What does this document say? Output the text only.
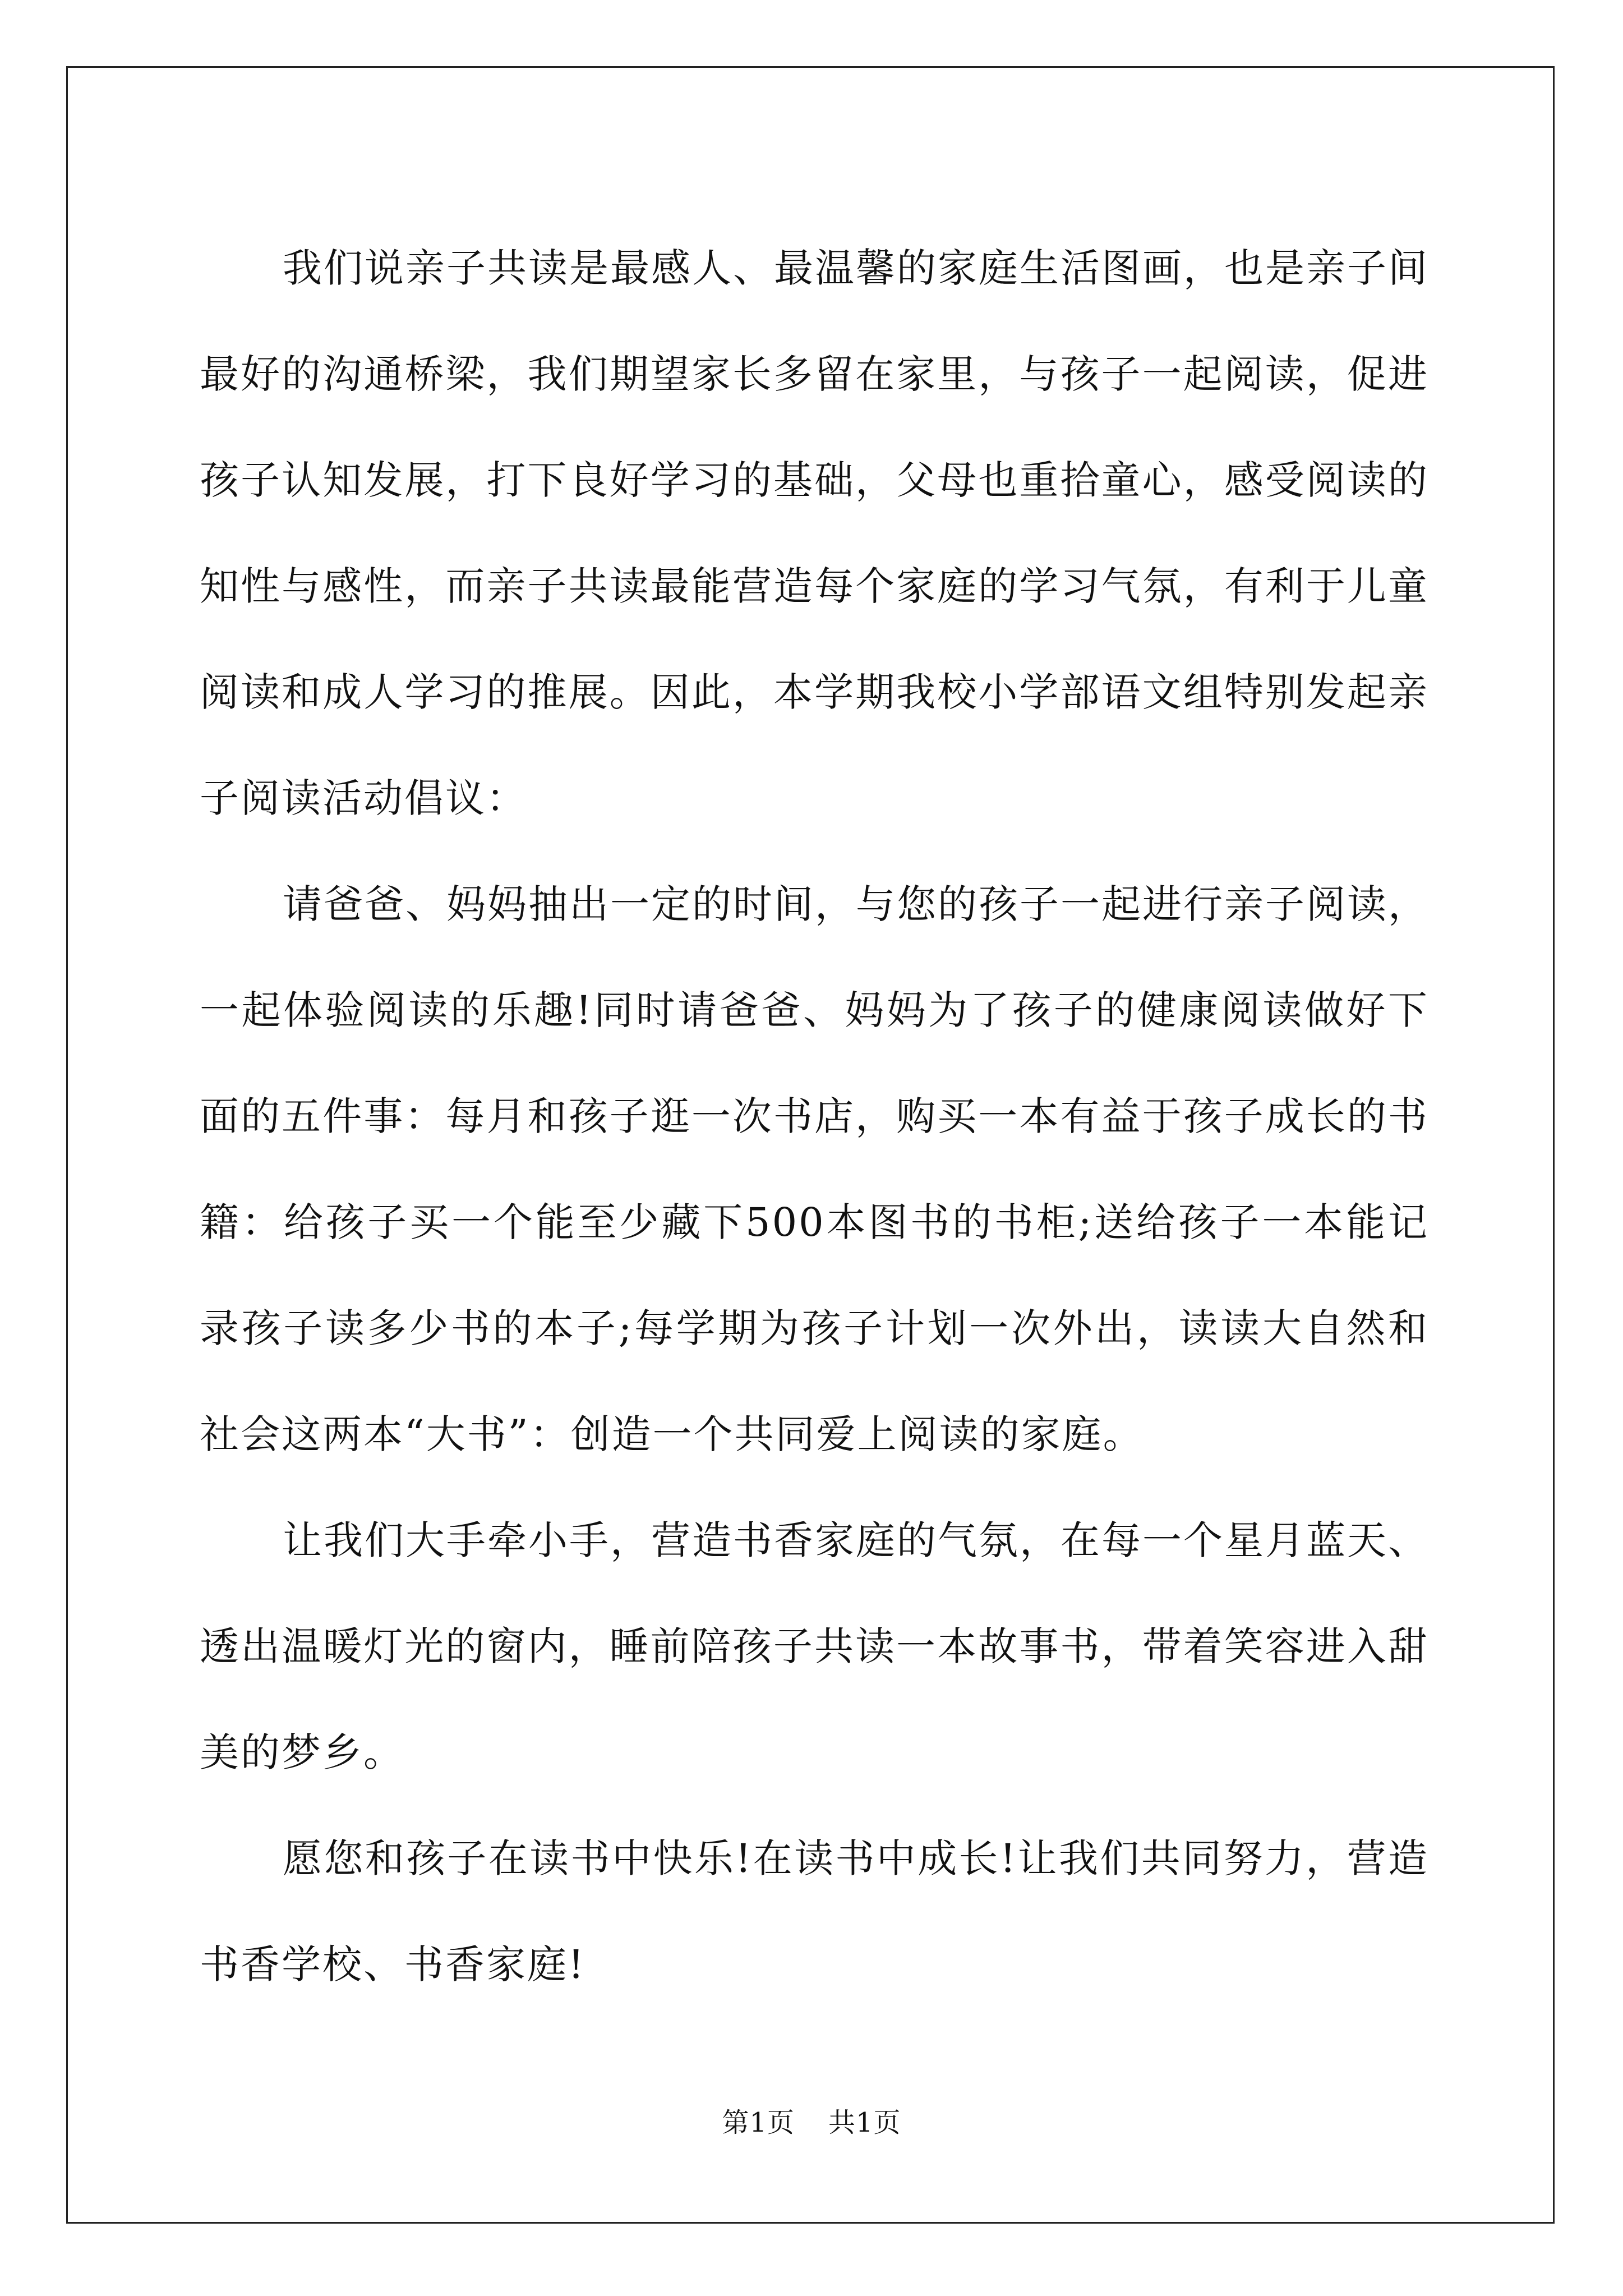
我们说亲子共读是最感人、最温馨的家庭生活图画，也是亲子间最好的沟通桥梁，我们期望家长多留在家里，与孩子一起阅读，促进孩子认知发展，打下良好学习的基础，父母也重拾童心，感受阅读的知性与感性，而亲子共读最能营造每个家庭的学习气氛，有利于儿童阅读和成人学习的推展。因此，本学期我校小学部语文组特别发起亲子阅读活动倡议：

请爸爸、妈妈抽出一定的时间，与您的孩子一起进行亲子阅读，一起体验阅读的乐趣!同时请爸爸、妈妈为了孩子的健康阅读做好下面的五件事：每月和孩子逛一次书店，购买一本有益于孩子成长的书籍：给孩子买一个能至少藏下500本图书的书柜;送给孩子一本能记录孩子读多少书的本子;每学期为孩子计划一次外出，读读大自然和社会这两本“大书”：创造一个共同爱上阅读的家庭。

让我们大手牵小手，营造书香家庭的气氛，在每一个星月蓝天、透出温暖灯光的窗内，睡前陪孩子共读一本故事书，带着笑容进入甜美的梦乡。

愿您和孩子在读书中快乐!在读书中成长!让我们共同努力，营造书香学校、书香家庭!

第1页 共1页
